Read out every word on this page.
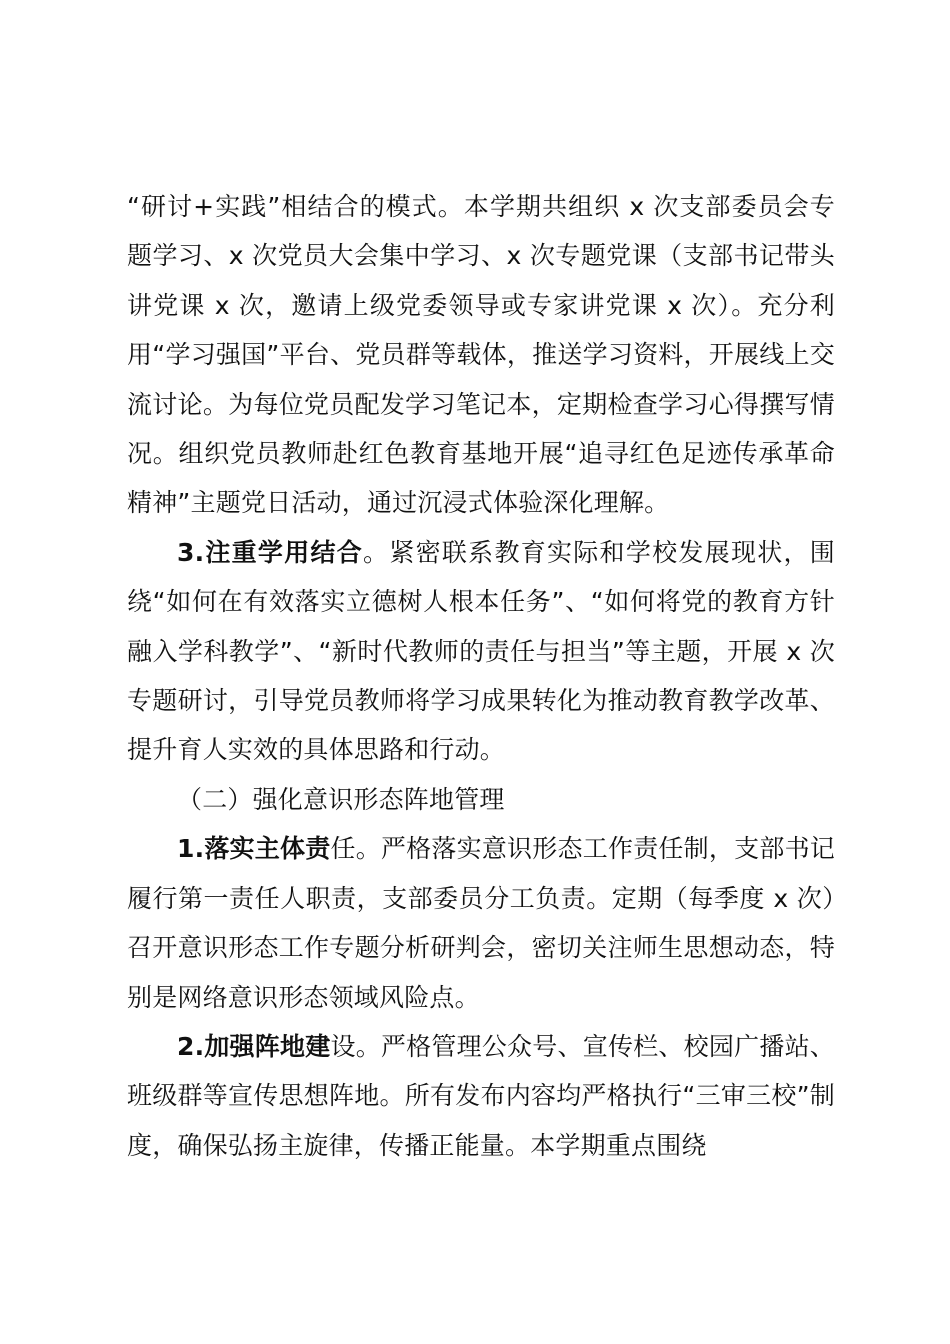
“研讨+实践”相结合的模式。本学期共组织 x 次支部委员会专题学习、x 次党员大会集中学习、x 次专题党课（支部书记带头讲党课 x 次，邀请上级党委领导或专家讲党课 x 次）。充分利用“学习强国”平台、党员群等载体，推送学习资料，开展线上交流讨论。为每位党员配发学习笔记本，定期检查学习心得撰写情况。组织党员教师赴红色教育基地开展“追寻红色足迹传承革命精神”主题党日活动，通过沉浸式体验深化理解。

3.注重学用结合。紧密联系教育实际和学校发展现状，围绕“如何在有效落实立德树人根本任务”、“如何将党的教育方针融入学科教学”、“新时代教师的责任与担当”等主题，开展 x 次专题研讨，引导党员教师将学习成果转化为推动教育教学改革、提升育人实效的具体思路和行动。

（二）强化意识形态阵地管理

1.落实主体责任。严格落实意识形态工作责任制，支部书记履行第一责任人职责，支部委员分工负责。定期（每季度 x 次）召开意识形态工作专题分析研判会，密切关注师生思想动态，特别是网络意识形态领域风险点。

2.加强阵地建设。严格管理公众号、宣传栏、校园广播站、班级群等宣传思想阵地。所有发布内容均严格执行“三审三校”制度，确保弘扬主旋律，传播正能量。本学期重点围绕
